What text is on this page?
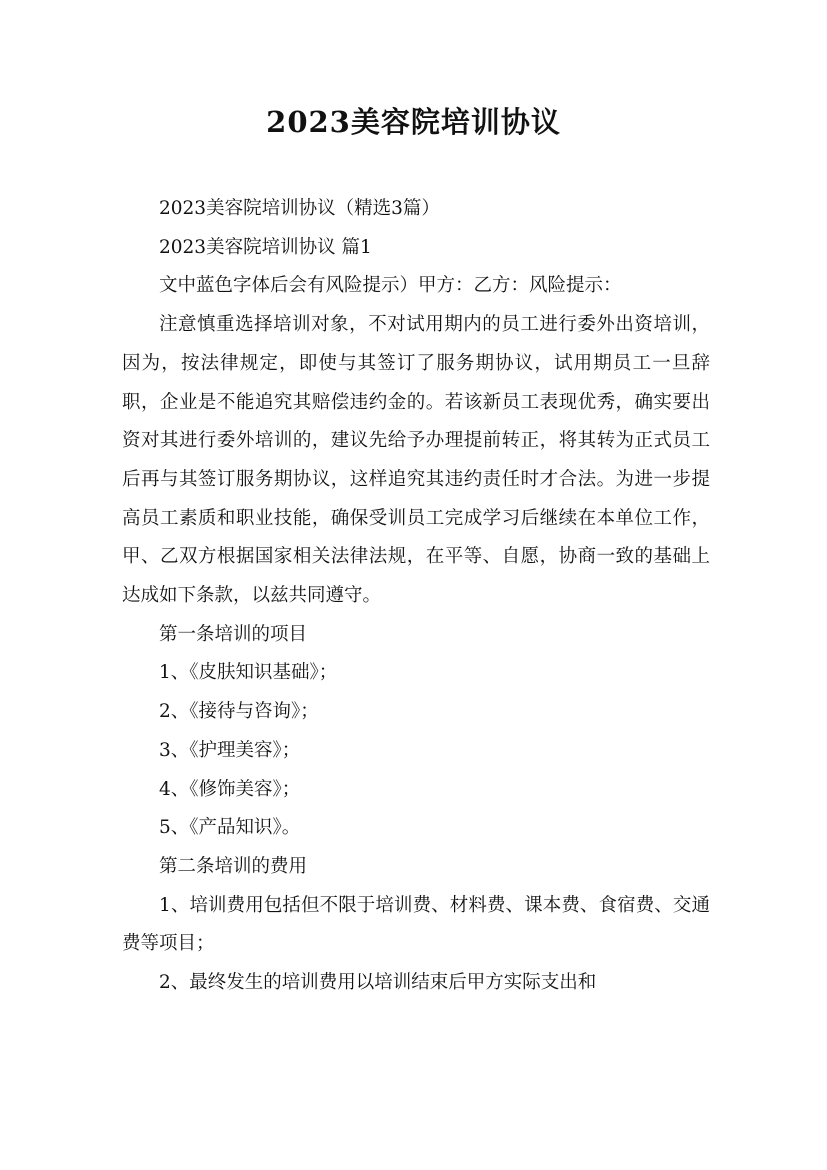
2023美容院培训协议

2023美容院培训协议（精选3篇）

2023美容院培训协议 篇1

文中蓝色字体后会有风险提示）甲方：乙方：风险提示：

注意慎重选择培训对象，不对试用期内的员工进行委外出资培训，因为，按法律规定，即使与其签订了服务期协议，试用期员工一旦辞职，企业是不能追究其赔偿违约金的。若该新员工表现优秀，确实要出资对其进行委外培训的，建议先给予办理提前转正，将其转为正式员工后再与其签订服务期协议，这样追究其违约责任时才合法。为进一步提高员工素质和职业技能，确保受训员工完成学习后继续在本单位工作，甲、乙双方根据国家相关法律法规，在平等、自愿，协商一致的基础上达成如下条款，以兹共同遵守。

第一条培训的项目

1、《皮肤知识基础》；

2、《接待与咨询》；

3、《护理美容》；

4、《修饰美容》；

5、《产品知识》。

第二条培训的费用

1、培训费用包括但不限于培训费、材料费、课本费、食宿费、交通费等项目；

2、最终发生的培训费用以培训结束后甲方实际支出和
